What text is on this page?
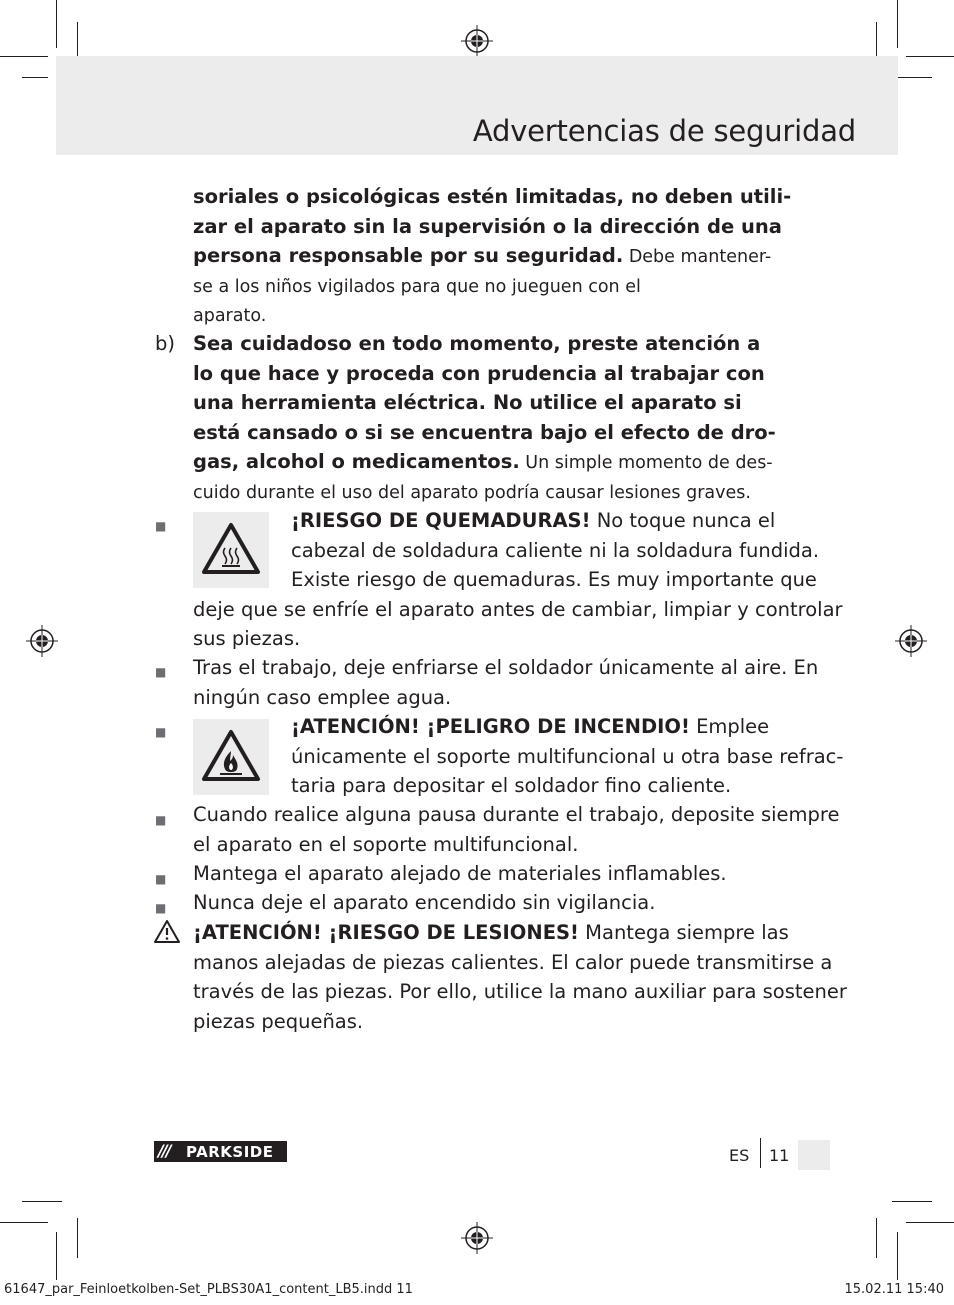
Advertencias de seguridad
soriales o psicológicas estén limitadas, no deben utili-
zar el aparato sin la supervisión o la dirección de una
persona responsable por su seguridad. Debe mantener-
se a los niños vigilados para que no jueguen con el
aparato.
b) Sea cuidadoso en todo momento, preste atención a
lo que hace y proceda con prudencia al trabajar con
una herramienta eléctrica. No utilice el aparato si
está cansado o si se encuentra bajo el efecto de dro-
gas, alcohol o medicamentos. Un simple momento de des-
cuido durante el uso del aparato podría causar lesiones graves.
■	¡RIESGO DE QUEMADURAS! No toque nunca el
cabezal de soldadura caliente ni la soldadura fundida.
Existe riesgo de quemaduras. Es muy importante que
deje que se enfríe el aparato antes de cambiar, limpiar y controlar
sus piezas.
■ Tras el trabajo, deje enfriarse el soldador únicamente al aire. En
ningún caso emplee agua.
■	¡ATENCIÓN! ¡PELIGRO DE INCENDIO! Emplee
únicamente el soporte multifuncional u otra base refrac-
taria para depositar el soldador fino caliente.
■ Cuando realice alguna pausa durante el trabajo, deposite siempre
el aparato en el soporte multifuncional.
■ Mantega el aparato alejado de materiales inflamables.
■ Nunca deje el aparato encendido sin vigilancia.
¡ATENCIÓN! ¡RIESGO DE LESIONES! Mantega siempre las
manos alejadas de piezas calientes. El calor puede transmitirse a
través de las piezas. Por ello, utilice la mano auxiliar para sostener
piezas pequeñas.
/// PARKSIDE	ES 11
61647_par_Feinloetkolben-Set_PLBS30A1_content_LB5.indd 11	15.02.11 15:40
